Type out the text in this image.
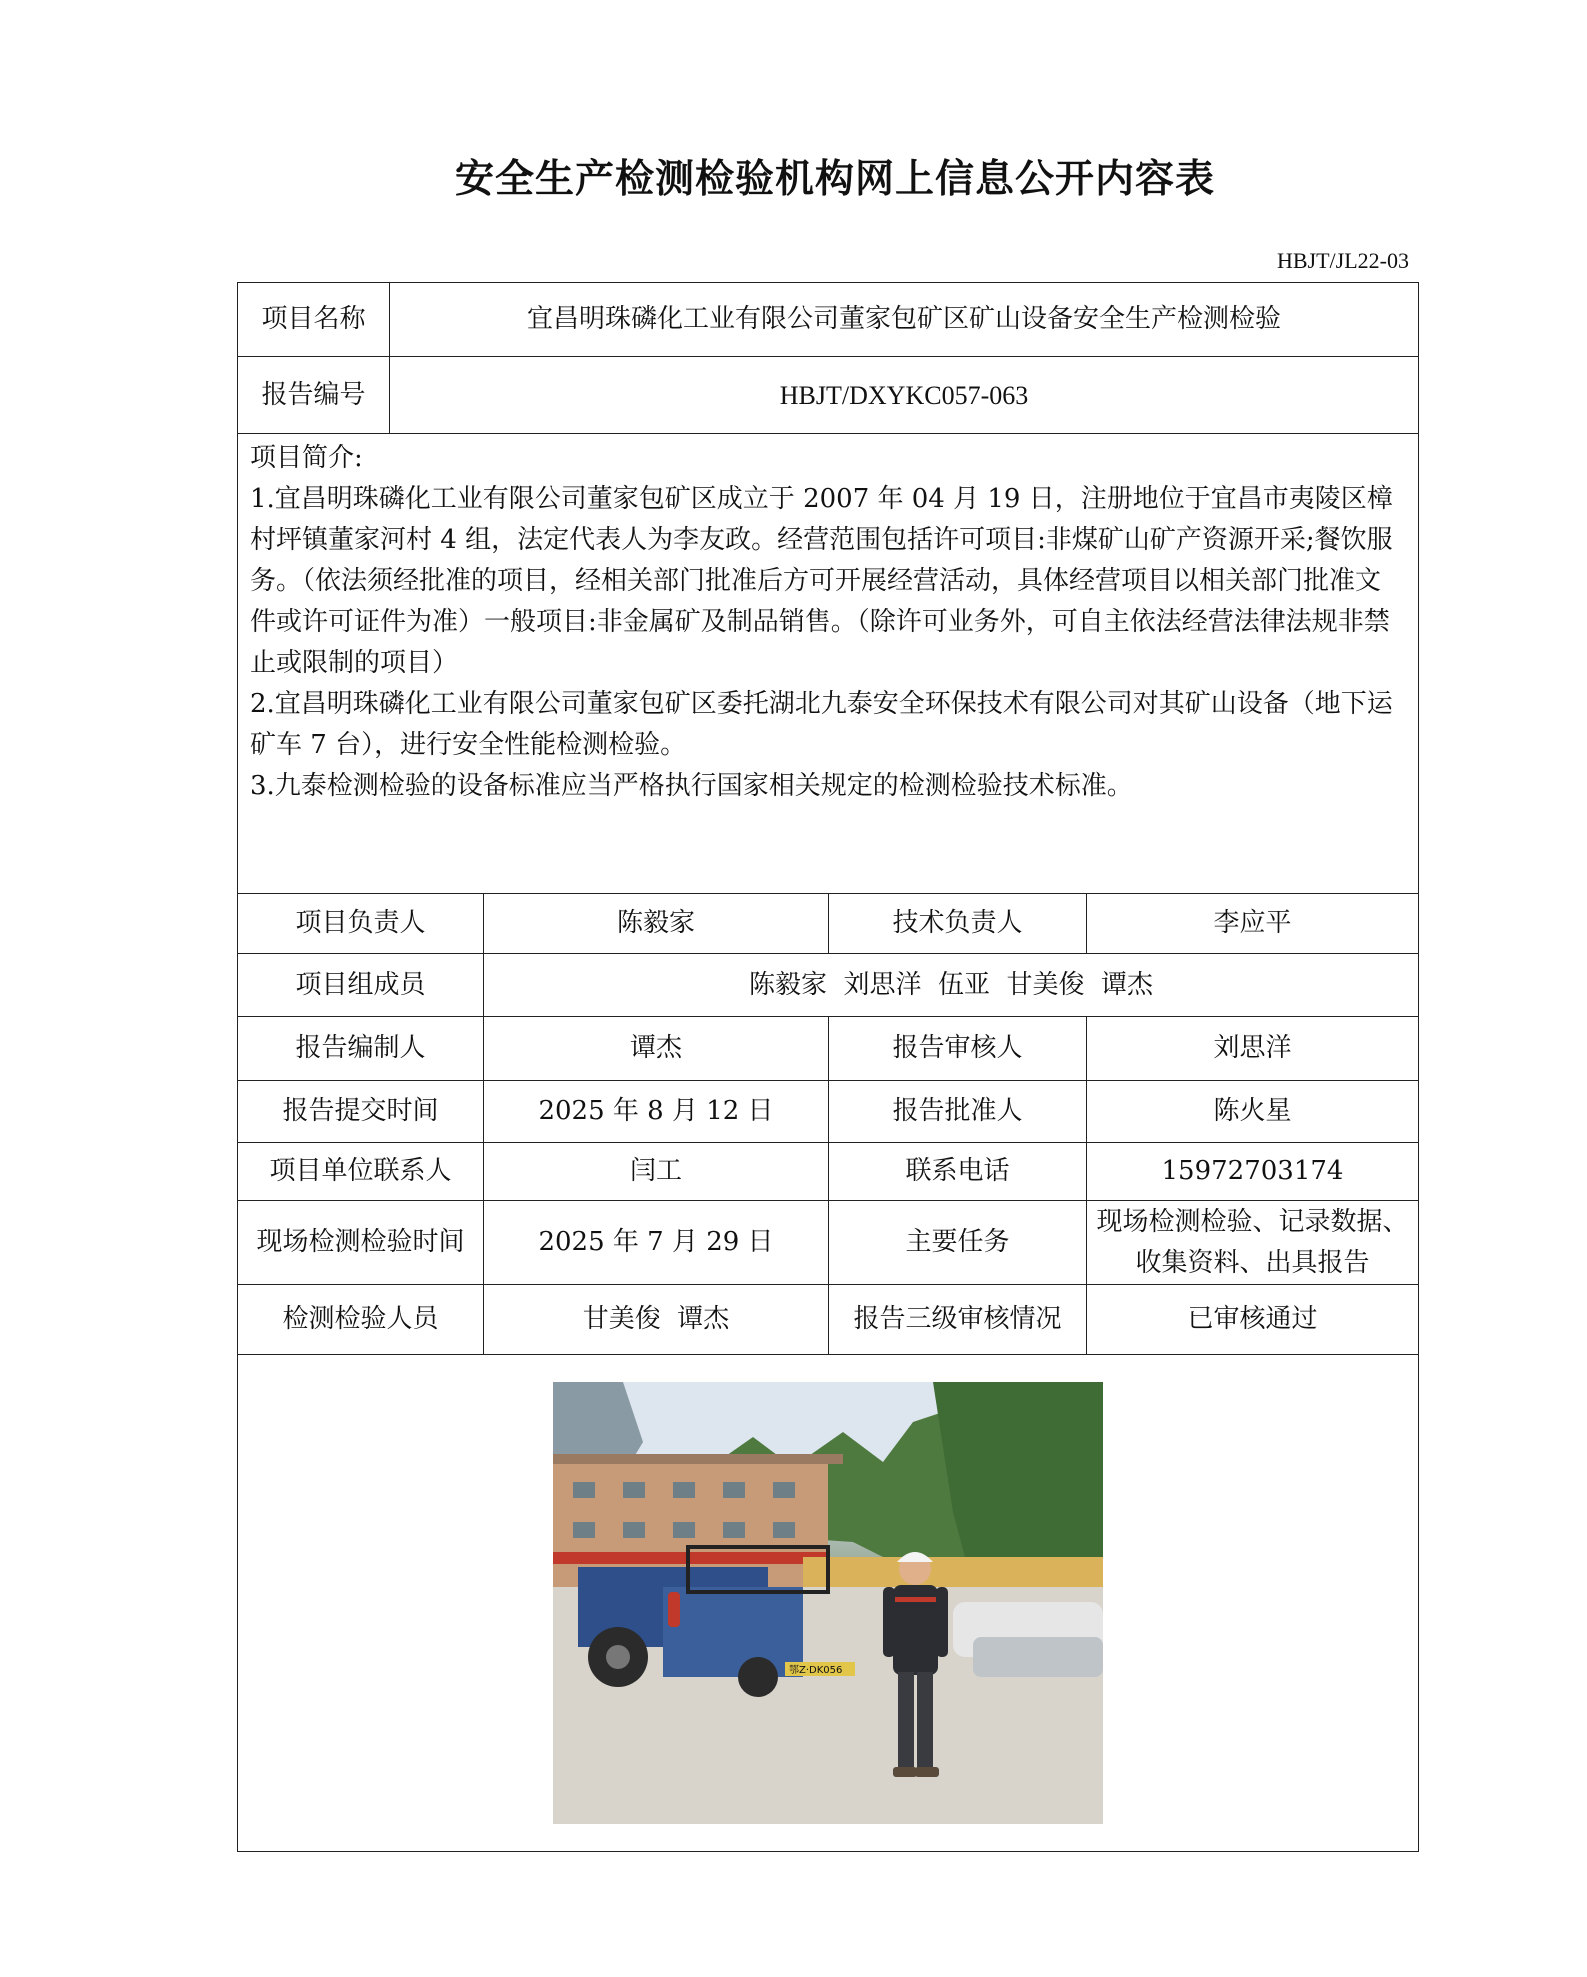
安全生产检测检验机构网上信息公开内容表
HBJT/JL22-03
项目名称	宜昌明珠磷化工业有限公司董家包矿区矿山设备安全生产检测检验			
报告编号	HBJT/DXYKC057-063			

项目简介:

1.宜昌明珠磷化工业有限公司董家包矿区成立于 2007 年 04 月 19 日，注册地位于宜昌市夷陵区樟村坪镇董家河村 4 组，法定代表人为李友政。经营范围包括许可项目:非煤矿山矿产资源开采;餐饮服务。（依法须经批准的项目，经相关部门批准后方可开展经营活动，具体经营项目以相关部门批准文件或许可证件为准）一般项目:非金属矿及制品销售。（除许可业务外，可自主依法经营法律法规非禁止或限制的项目）

2.宜昌明珠磷化工业有限公司董家包矿区委托湖北九泰安全环保技术有限公司对其矿山设备（地下运矿车 7 台），进行安全性能检测检验。

3.九泰检测检验的设备标准应当严格执行国家相关规定的检测检验技术标准。				

项目负责人		陈毅家	技术负责人	李应平
项目组成员		陈毅家  刘思洋  伍亚  甘美俊  谭杰		
报告编制人		谭杰	报告审核人	刘思洋
报告提交时间		2025 年 8 月 12 日	报告批准人	陈火星
项目单位联系人		闫工	联系电话	15972703174
现场检测检验时间		2025 年 7 月 29 日	主要任务	现场检测检验、记录数据、收集资料、出具报告
检测检验人员		甘美俊  谭杰	报告三级审核情况	已审核通过

鄂Z·DK056				
